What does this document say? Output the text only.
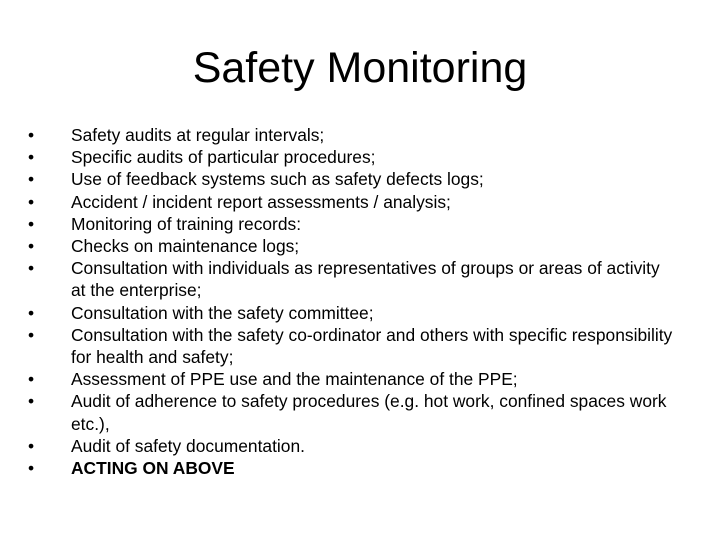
Safety Monitoring
•	Safety audits at regular intervals;
•	Specific audits of particular procedures;
•	Use of feedback systems such as safety defects logs;
•	Accident / incident report assessments / analysis;
•	Monitoring of training records:
•	Checks on maintenance logs;
•	Consultation with individuals as representatives of groups or areas of activity at the enterprise;
•	Consultation with the safety committee;
•	Consultation with the safety co-ordinator and others with specific responsibility for health and safety;
•	Assessment of PPE use and the maintenance of the PPE;
•	Audit of adherence to safety procedures (e.g. hot work, confined spaces work etc.),
•	Audit of safety documentation.
•	ACTING ON ABOVE
